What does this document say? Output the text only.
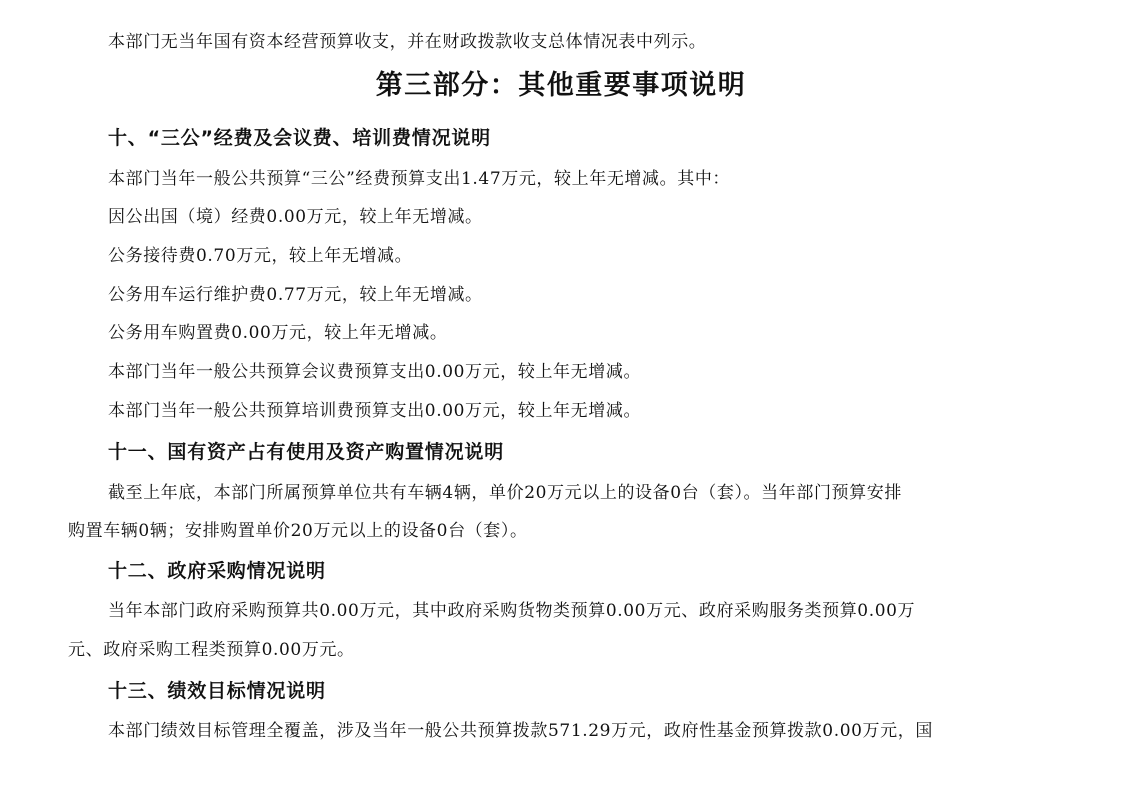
本部门无当年国有资本经营预算收支，并在财政拨款收支总体情况表中列示。
第三部分：其他重要事项说明
十、“三公”经费及会议费、培训费情况说明
本部门当年一般公共预算“三公”经费预算支出1.47万元，较上年无增减。其中：
因公出国（境）经费0.00万元，较上年无增减。
公务接待费0.70万元，较上年无增减。
公务用车运行维护费0.77万元，较上年无增减。
公务用车购置费0.00万元，较上年无增减。
本部门当年一般公共预算会议费预算支出0.00万元，较上年无增减。
本部门当年一般公共预算培训费预算支出0.00万元，较上年无增减。
十一、国有资产占有使用及资产购置情况说明
截至上年底，本部门所属预算单位共有车辆4辆，单价20万元以上的设备0台（套）。当年部门预算安排
购置车辆0辆；安排购置单价20万元以上的设备0台（套）。
十二、政府采购情况说明
当年本部门政府采购预算共0.00万元，其中政府采购货物类预算0.00万元、政府采购服务类预算0.00万
元、政府采购工程类预算0.00万元。
十三、绩效目标情况说明
本部门绩效目标管理全覆盖，涉及当年一般公共预算拨款571.29万元，政府性基金预算拨款0.00万元，国
